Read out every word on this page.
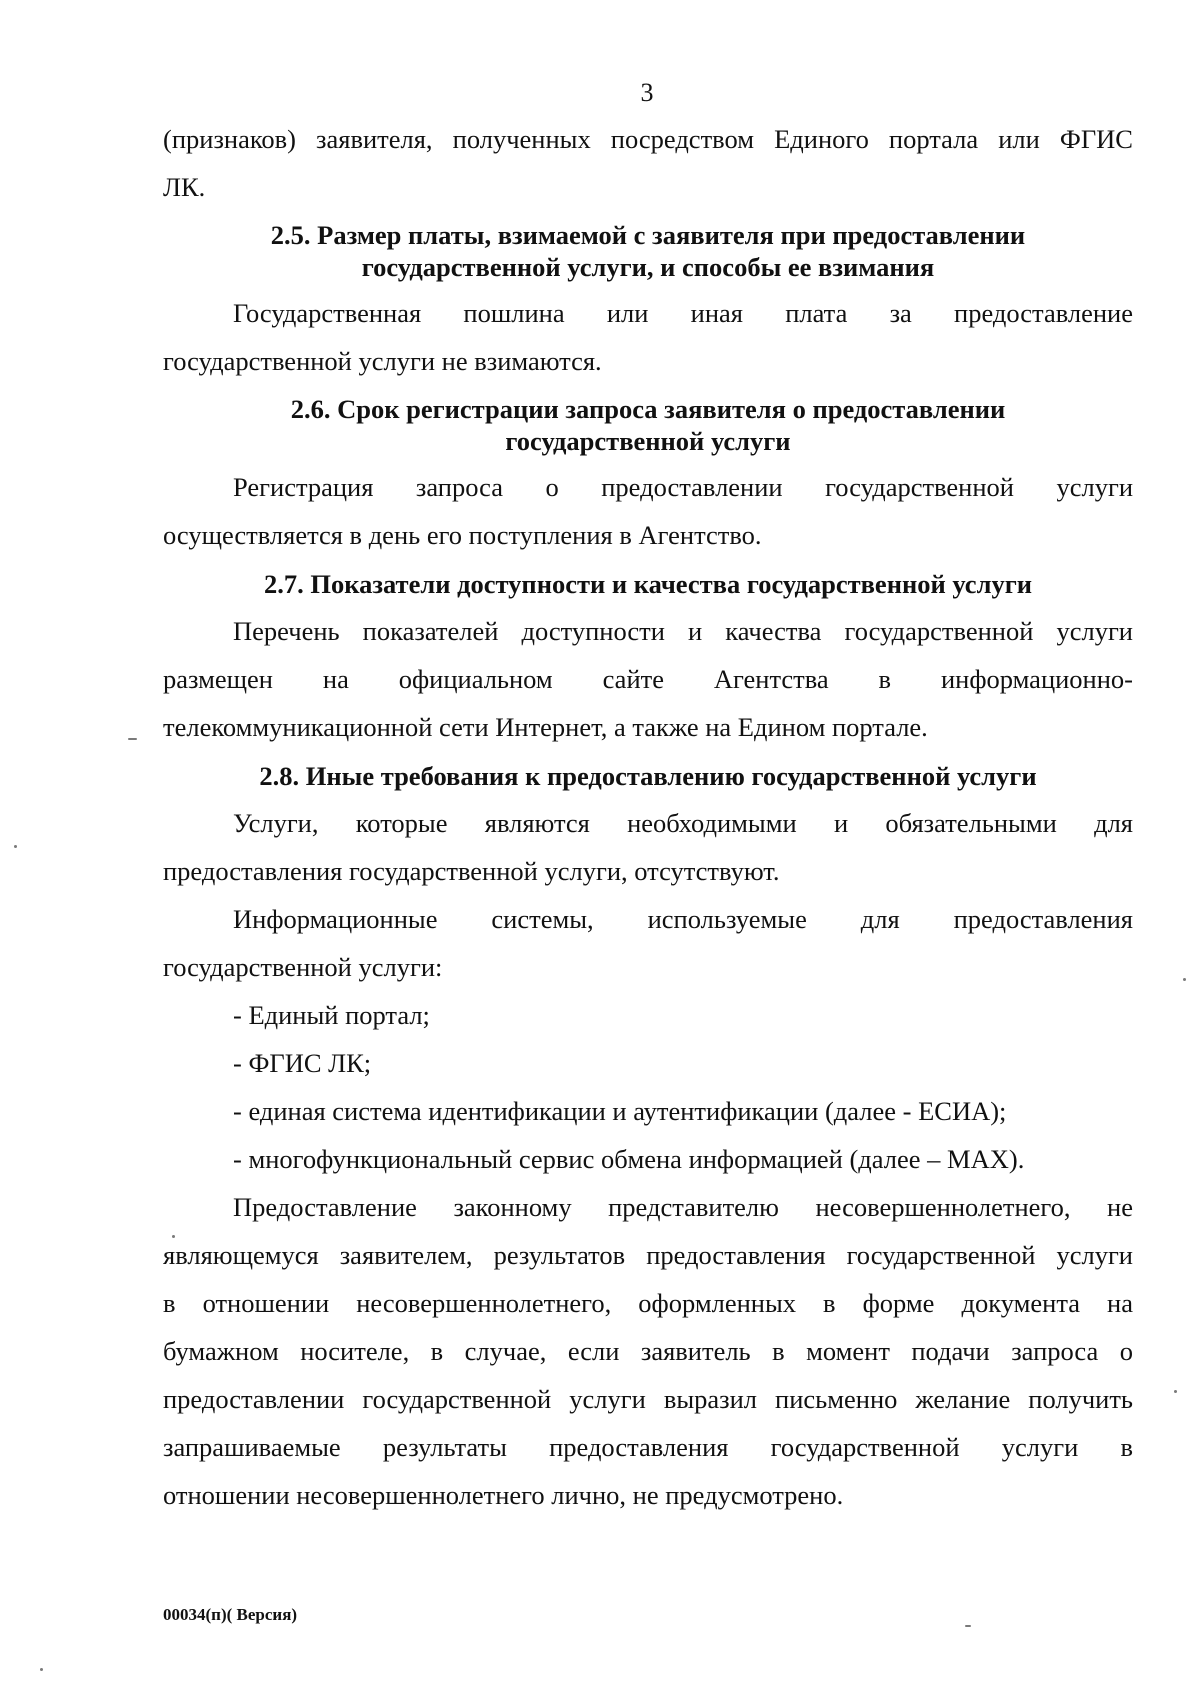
3

(признаков) заявителя, полученных посредством Единого портала или ФГИС

ЛК.

2.5. Размер платы, взимаемой с заявителя при предоставлении
государственной услуги, и способы ее взимания

Государственная пошлина или иная плата за предоставление

государственной услуги не взимаются.

2.6. Срок регистрации запроса заявителя о предоставлении
государственной услуги

Регистрация запроса о предоставлении государственной услуги

осуществляется в день его поступления в Агентство.

2.7. Показатели доступности и качества государственной услуги

Перечень показателей доступности и качества государственной услуги

размещен на официальном сайте Агентства в информационно-

телекоммуникационной сети Интернет, а также на Едином портале.

2.8. Иные требования к предоставлению государственной услуги

Услуги, которые являются необходимыми и обязательными для

предоставления государственной услуги, отсутствуют.

Информационные системы, используемые для предоставления

государственной услуги:

- Единый портал;

- ФГИС ЛК;

- единая система идентификации и аутентификации (далее - ЕСИА);

- многофункциональный сервис обмена информацией (далее – MAX).

Предоставление законному представителю несовершеннолетнего, не

являющемуся заявителем, результатов предоставления государственной услуги

в отношении несовершеннолетнего, оформленных в форме документа на

бумажном носителе, в случае, если заявитель в момент подачи запроса о

предоставлении государственной услуги выразил письменно желание получить

запрашиваемые результаты предоставления государственной услуги в

отношении несовершеннолетнего лично, не предусмотрено.

00034(п)( Версия)
